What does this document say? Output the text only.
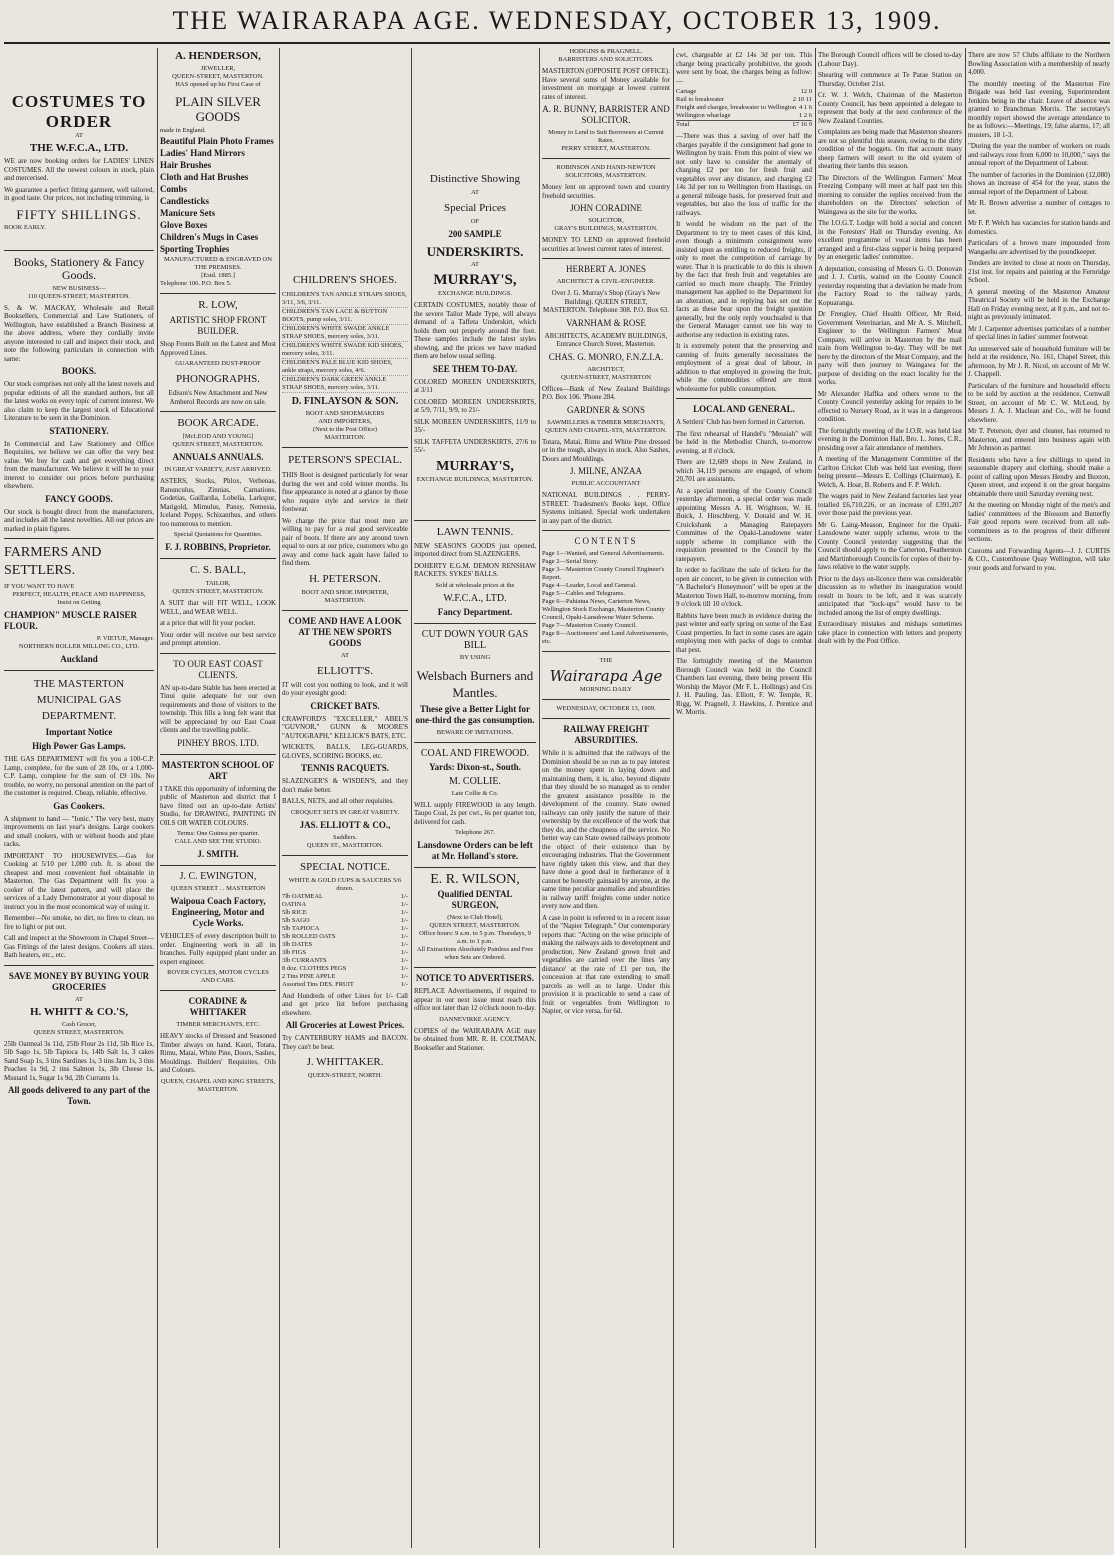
THE WAIRARAPA AGE. WEDNESDAY, OCTOBER 13, 1909.
COSTUMES TO ORDER
AT
THE W.F.C.A., LTD.

WE are now booking orders for LADIES' LINEN COSTUMES. All the newest colours in stock, plain and mercerised.

We guarantee a perfect fitting garment, well tailored, in good taste. Our prices, not including trimming, is

FIFTY SHILLINGS.
BOOK EARLY.
Books, Stationery & Fancy Goods.
NEW BUSINESS—
110 QUEEN-STREET, MASTERTON.

S. & W. MACKAY, Wholesale and Retail Booksellers, Commercial and Law Stationers, of Wellington, have established a Branch Business at the above address, where they cordially invite anyone interested to call and inspect their stock, and note the following particulars in connection with same:

BOOKS.

Our stock comprises not only all the latest novels and popular editions of all the standard authors, but all the latest works on every topic of current interest. We also claim to keep the largest stock of Educational Literature to be seen in the Dominion.

STATIONERY.

In Commercial and Law Stationery and Office Requisites, we believe we can offer the very best value. We buy for cash and get everything direct from the manufacturer. We believe it will be to your interest to consider our prices before purchasing elsewhere.

FANCY GOODS.

Our stock is bought direct from the manufacturers, and includes all the latest novelties. All our prices are marked in plain figures.

FARMERS AND SETTLERS.
IF YOU WANT TO HAVE
PERFECT, HEALTH, PEACE AND HAPPINESS,
Insist on Getting
CHAMPION" MUSCLE RAISER FLOUR.
P. VIETUE, Manager.
NORTHERN ROLLER MILLING CO., LTD.
Auckland
THE MASTERTON MUNICIPAL GAS DEPARTMENT.
Important Notice
High Power Gas Lamps.

THE GAS DEPARTMENT will fix you a 100-C.P. Lamp, complete, for the sum of 28 10s, or a 1,000-C.P. Lamp, complete for the sum of £9 10s. No trouble, no worry, no personal attention on the part of the customer is required. Cheap, reliable, effective.

Gas Cookers.

A shipment to hand — "Ionic." The very best, many improvements on last year's designs. Large cookers and small cookers, with or without hoods and plate racks.

IMPORTANT TO HOUSEWIVES.—Gas for Cooking at 5/10 per 1,000 cub. ft. is about the cheapest and most convenient fuel obtainable in Masterton. The Gas Department will fix you a cooker of the latest pattern, and will place the services of a Lady Demonstrator at your disposal to instruct you in the most economical way of using it.

Remember—No smoke, no dirt, no fires to clean, no fire to light or put out.

Call and inspect at the Showroom in Chapel Street—Gas Fittings of the latest designs. Cookers all sizes. Bath heaters, etc., etc.

SAVE MONEY BY BUYING YOUR GROCERIES
AT
H. WHITT & CO.'S,
Cash Grocer,
QUEEN STREET, MASTERTON.

25lb Oatmeal 3s 11d, 25lb Flour 2s 11d, 5lb Rice 1s, 5lb Sago 1s, 5lb Tapioca 1s, 14lb Salt 1s, 3 cakes Sand Soap 1s, 3 tins Sardines 1s, 3 tins Jam 1s, 3 tins Peaches 1s 9d, 2 tins Salmon 1s, 3lb Cheese 1s, Mustard 1s, Sugar 1s 9d, 2lb Currants 1s.

All goods delivered to any part of the Town.
A. HENDERSON,
JEWELLER,
QUEEN-STREET, MASTERTON.
HAS opened up his First Case of
PLAIN SILVER GOODS
made in England.
Beautiful Plain Photo Frames
Ladies' Hand Mirrors
Hair Brushes
Cloth and Hat Brushes
Combs
Candlesticks
Manicure Sets
Glove Boxes
Children's Mugs in Cases
Sporting Trophies
MANUFACTURED & ENGRAVED ON THE PREMISES.
[Estd. 1885.]
Telephone 106. P.O. Box 5.
R. LOW,
ARTISTIC SHOP FRONT BUILDER.

Shop Fronts Built on the Latest and Most Approved Lines.

GUARANTEED DUST-PROOF
PHONOGRAPHS.

Edison's New Attachment and New Amberol Records are now on sale.

BOOK ARCADE.
[McLEOD AND YOUNG]
QUEEN STREET, MASTERTON.
ANNUALS ANNUALS.
IN GREAT VARIETY, JUST ARRIVED.

ASTERS, Stocks, Phlox, Verbenas, Ranunculus, Zinnias, Carnations, Godetias, Gaillardia, Lobelia, Larkspur, Marigold, Mimulus, Pansy, Nemesia, Iceland Poppy, Schizanthus, and others too numerous to mention.

Special Quotations for Quantities.
F. J. ROBBINS, Proprietor.
C. S. BALL,
TAILOR,
QUEEN STREET, MASTERTON.

A SUIT that will FIT WELL, LOOK WELL, and WEAR WELL.

at a price that will fit your pocket.

Your order will receive our best service and prompt attention.

TO OUR EAST COAST CLIENTS.

AN up-to-date Stable has been erected at Tinui quite adequate for our own requirements and those of visitors to the township. This fills a long felt want that will be appreciated by our East Coast clients and the travelling public.

PINHEY BROS. LTD.
MASTERTON SCHOOL OF ART

I TAKE this opportunity of informing the public of Masterton and district that I have fitted out an up-to-date Artists' Studio, for DRAWING, PAINTING IN OILS OR WATER COLOURS.

Terms: One Guinea per quarter.
CALL AND SEE THE STUDIO.
J. SMITH.
J. C. EWINGTON,
QUEEN STREET . . MASTERTON
Waipoua Coach Factory, Engineering, Motor and Cycle Works.

VEHICLES of every description built to order. Engineering work in all its branches. Fully equipped plant under an expert engineer.

ROVER CYCLES, MOTOR CYCLES AND CARS.
CORADINE & WHITTAKER
TIMBER MERCHANTS, ETC.

HEAVY stocks of Dressed and Seasoned Timber always on hand. Kauri, Totara, Rimu, Matai, White Pine, Doors, Sashes, Mouldings. Builders' Requisites, Oils and Colours.

QUEEN, CHAPEL AND KING STREETS, MASTERTON.
CHILDREN'S SHOES.
CHILDREN'S TAN ANKLE STRAPS SHOES, 3/11, 3/6, 3/11.
CHILDREN'S TAN LACE & BUTTON BOOTS, pump soles, 3/11.
CHILDREN'S WHITE SWADE ANKLE STRAP SHOES, mercery soles, 3/11.
CHILDREN'S WHITE SWADE KID SHOES, mercery soles, 3/11.
CHILDREN'S PALE BLUE KID SHOES, ankle straps, mercery soles, 4/6.
CHILDREN'S DARK GREEN ANKLE STRAP SHOES, mercery soles, 3/11.
D. FINLAYSON & SON.
BOOT AND SHOEMAKERS
AND IMPORTERS,
(Next to the Post Office)
MASTERTON.
PETERSON'S SPECIAL.

THIS Boot is designed particularly for wear during the wet and cold winter months. Its fine appearance is noted at a glance by those who require style and service in their footwear.

We charge the price that most men are willing to pay for a real good serviceable pair of boots. If there are any around town equal to ours at our price, customers who go away and come back again have failed to find them.

H. PETERSON.
BOOT AND SHOE IMPORTER,
MASTERTON.
COME AND HAVE A LOOK AT THE NEW SPORTS GOODS
AT
ELLIOTT'S.

IT will cost you nothing to look, and it will do your eyesight good:

CRICKET BATS.

CRAWFORD'S "EXCELLER," ABEL'S "GUVNOR," GUNN & MOORE'S "AUTOGRAPH," KELLICK'S BATS, ETC.

WICKETS, BALLS, LEG-GUARDS, GLOVES, SCORING BOOKS, etc.

TENNIS RACQUETS.

SLAZENGER'S & WISDEN'S, and they don't make better.

BALLS, NETS, and all other requisites.

CROQUET SETS IN GREAT VARIETY.
JAS. ELLIOTT & CO.,
Saddlers.
QUEEN ST., MASTERTON.
SPECIAL NOTICE.
WHITE & GOLD CUPS & SAUCERS 5/6 dozen.
7lb OATMEAL	1/-
OATINA	1/-
5lb RICE	1/-
5lb SAGO	1/-
5lb TAPIOCA	1/-
5lb ROLLED OATS	1/-
3lb DATES	1/-
3lb FIGS	1/-
3lb CURRANTS	1/-
8 doz. CLOTHES PEGS	1/-
2 Tins PINE APPLE	1/-
Assorted Tins DES. FRUIT	1/-

And Hundreds of other Lines for 1/- Call and get price list before purchasing elsewhere.

All Groceries at Lowest Prices.

Try CANTERBURY HAMS and BACON. They can't be beat.

J. WHITTAKER.
QUEEN-STREET, NORTH.
Distinctive Showing
AT
Special Prices
OF
200 SAMPLE
UNDERSKIRTS.
AT
MURRAY'S,
EXCHANGE BUILDINGS.

CERTAIN COSTUMES, notably those of the severe Tailor Made Type, will always demand of a Taffeta Underskirt, which holds them out properly around the foot. These samples include the latest styles showing, and the prices we have marked them are below usual selling.

SEE THEM TO-DAY.

COLORED MOREEN UNDERSKIRTS, at 3/11

COLORED MOREEN UNDERSKIRTS, at 5/9, 7/11, 9/9, to 21/-

SILK MOREEN UNDERSKIRTS, 11/9 to 35/-

SILK TAFFETA UNDERSKIRTS, 27/6 to 55/-

MURRAY'S,
EXCHANGE BUILDINGS, MASTERTON.
LAWN TENNIS.

NEW SEASON'S GOODS just opened, imported direct from SLAZENGERS.

DOHERTY E.G.M. DEMON RENSHAW RACKETS. SYKES' BALLS.

Sold at wholesale prices at the
W.F.C.A., LTD.
Fancy Department.
CUT DOWN YOUR GAS BILL
BY USING
Welsbach Burners and Mantles.
These give a Better Light for one-third the gas consumption.
BEWARE OF IMITATIONS.
COAL AND FIREWOOD.
Yards: Dixon-st., South.
M. COLLIE.
Late Collie & Co.

WILL supply FIREWOOD in any length. Taupo Coal, 2s per cwt., 6s per quarter ton, delivered for cash.

Telephone 267.
Lansdowne Orders can be left at Mr. Holland's store.
E. R. WILSON,
Qualified DENTAL SURGEON,
(Next to Club Hotel),
QUEEN STREET, MASTERTON.
Office hours: 9 a.m. to 5 p.m. Thursdays, 9 a.m. to 1 p.m.
All Extractions Absolutely Painless and Free when Sets are Ordered.
NOTICE TO ADVERTISERS.

REPLACE Advertisements, if required to appear in our next issue must reach this office not later than 12 o'clock noon to-day.

DANNEVIRKE AGENCY.

COPIES of the WAIRARAPA AGE may be obtained from MR. R. H. COLTMAN, Bookseller and Stationer.

HODGINS & PRAGNELL.
BARRISTERS AND SOLICITORS.

MASTERTON (OPPOSITE POST OFFICE). Have several sums of Money available for investment on mortgage at lowest current rates of interest.

A. R. BUNNY, BARRISTER AND SOLICITOR.
Money to Lend to Suit Borrowers at Current Rates.
PERRY STREET, MASTERTON.
ROBINSON AND HAND-NEWTON
SOLICITORS, MASTERTON.

Money lent on approved town and country freehold securities.

JOHN CORADINE
SOLICITOR,
GRAY'S BUILDINGS, MASTERTON.

MONEY TO LEND on approved freehold securities at lowest current rates of interest.

HERBERT A. JONES
ARCHITECT & CIVIL-ENGINEER.

Over J. G. Murray's Shop (Gray's New Building). QUEEN STREET, MASTERTON. Telephone 308. P.O. Box 63.

VARNHAM & ROSE

ARCHITECTS, ACADEMY BUILDINGS, Entrance Church Street, Masterton.

CHAS. G. MONRO, F.N.Z.I.A.
ARCHITECT,
QUEEN-STREET, MASTERTON

Offices—Bank of New Zealand Buildings P.O. Box 106. 'Phone 284.

GARDNER & SONS
SAWMILLERS & TIMBER MERCHANTS,
QUEEN AND CHAPEL-STS, MASTERTON.

Totara, Matai, Rimu and White Pine dressed or in the rough, always in stock. Also Sashes, Doors and Mouldings.

J. MILNE, ANZAA
PUBLIC ACCOUNTANT

NATIONAL BUILDINGS . . PERRY-STREET. Tradesmen's Books kept. Office Systems initiated. Special work undertaken in any part of the district.

CONTENTS
Page 1—Wanted, and General Advertisements.
Page 2—Serial Story.
Page 3—Masterton County Council Engineer's Report.
Page 4—Leader, Local and General.
Page 5—Cables and Telegrams.
Page 6—Pahiatua News, Carterton News, Wellington Stock Exchange, Masterton County Council, Opaki-Lansdowne Water Scheme.
Page 7—Masterton County Council.
Page 8—Auctioneers' and Land Advertisements, etc.
THE
Wairarapa Age
MORNING DAILY
WEDNESDAY, OCTOBER 13, 1909.
RAILWAY FREIGHT ABSURDITIES.

While it is admitted that the railways of the Dominion should be so run as to pay interest on the money spent in laying down and maintaining them, it is, also, beyond dispute that they should be so managed as to render the greatest assistance possible in the development of the country. State owned railways can only justify the nature of their ownership by the excellence of the work that they do, and the cheapness of the service. No better way can State owned railways promote the object of their existence than by encouraging industries. That the Government have rightly taken this view, and that they have done a good deal in furtherance of it cannot be honestly gainsaid by anyone, at the same time peculiar anomalies and absurdities in railway tariff freights come under notice every now and then.

A case in point is referred to in a recent issue of the "Napier Telegraph." Our contemporary reports that: "Acting on the wise principle of making the railways aids to development and production, New Zealand grown fruit and vegetables are carried over the lines 'any distance' at the rate of £1 per ton, the concession at that rate extending to small parcels as well as to large. Under this provision it is practicable to send a case of fruit or vegetables from Wellington to Napier, or vice versa, for 6d.

cwt, chargeable at £2 14s 3d per ton. This charge being practically prohibitive, the goods were sent by boat, the charges being as follow:—

Cartage	12 0
Rail to breakwater	2 10 11
Freight and charges, breakwater to Wellington 4 1 6
Wellington wharfage	1 2 6
Total	£7 16 9

—There was thus a saving of over half the charges payable if the consignment had gone to Wellington by train. From this point of view we not only have to consider the anomaly of charging £2 per ton for fresh fruit and vegetables over any distance, and charging £2 14s 3d per ton to Wellington from Hastings, on a general mileage basis, for preserved fruit and vegetables, but also the loss of traffic for the railways.

It would be wisdom on the part of the Department to try to meet cases of this kind, even though a minimum consignment were insisted upon as entitling to reduced freights, if only to meet the competition of carriage by water. That it is practicable to do this is shown by the fact that fresh fruit and vegetables are carried so much more cheaply. The Frimley management has applied to the Department for an alteration, and in replying has set out the facts as these bear upon the freight question generally, but the only reply vouchsafed is that the General Manager cannot see his way to authorise any reduction in existing rates.

It is extremely potent that the preserving and canning of fruits generally necessitates the employment of a great deal of labour, in addition to that employed in growing the fruit, while the commodities offered are most wholesome for public consumption.

LOCAL AND GENERAL.

A Settlers' Club has been formed in Carterton.

The first rehearsal of Handel's "Messiah" will be held in the Methodist Church, to-morrow evening, at 8 o'clock.

There are 12,689 shops in New Zealand, in which 34,119 persons are engaged, of whom 20,701 are assistants.

At a special meeting of the County Council yesterday afternoon, a special order was made appointing Messrs A. H. Wrightson, W. H. Buick, J. Hirschberg, V. Donald and W. H. Cruickshank a Managing Ratepayers Committee of the Opaki-Lansdowne water supply scheme in compliance with the requisition presented to the Council by the ratepayers.

In order to facilitate the sale of tickets for the open air concert, to be given in connection with "A Bachelor's Honeymoon" will be open at the Masterton Town Hall, to-morrow morning, from 9 o'clock till 10 o'clock.

Rabbits have been much in evidence during the past winter and early spring on some of the East Coast properties. In fact in some cases are again employing men with packs of dogs to combat that pest.

The fortnightly meeting of the Masterton Borough Council was held in the Council Chambers last evening, there being present His Worship the Mayor (Mr F. L. Hollings) and Crs J. H. Pauling, Jas. Elliott, F. W. Temple, R. Rigg, W. Pragnell, J. Hawkins, J. Prentice and W. Morris.

The Borough Council offices will be closed to-day (Labour Day).

Shearing will commence at Te Parae Station on Thursday, October 21st.

Cr. W. J. Welch, Chairman of the Masterton County Council, has been appointed a delegate to represent that body at the next conference of the New Zealand Counties.

Complaints are being made that Masterton shearers are not so plentiful this season, owing to the dirty condition of the hoggets. On that account many sheep farmers will resort to the old system of shearing their lambs this season.

The Directors of the Wellington Farmers' Meat Freezing Company will meet at half past ten this morning to consider the replies received from the shareholders on the Directors' selection of Waingawa as the site for the works.

The I.O.G.T. Lodge will hold a social and concert in the Foresters' Hall on Thursday evening. An excellent programme of vocal items has been arranged and a first-class supper is being prepared by an energetic ladies' committee.

A deputation, consisting of Messrs G. O. Donovan and J. J. Curtis, waited on the County Council yesterday requesting that a deviation be made from the Factory Road to the railway yards, Kopuaranga.

Dr Frengley, Chief Health Officer, Mr Reid, Government Veterinarian, and Mr A. S. Mitchell, Engineer to the Wellington Farmers' Meat Company, will arrive in Masterton by the mail train from Wellington to-day. They will be met here by the directors of the Meat Company, and the party will then journey to Waingawa for the purpose of deciding on the exact locality for the works.

Mr Alexander Haffka and others wrote to the County Council yesterday asking for repairs to be effected to Nursery Road, as it was in a dangerous condition.

The fortnightly meeting of the I.O.R. was held last evening in the Dominion Hall, Bro. L. Jones, C.R., presiding over a fair attendance of members.

A meeting of the Management Committee of the Carlton Cricket Club was held last evening, there being present—Messrs E. Collings (Chairman), E. Welch, A. Hoar, B. Roberts and F. P. Welch.

The wages paid in New Zealand factories last year totalled £6,710,226, or an increase of £391,207 over those paid the previous year.

Mr G. Laing-Meason, Engineer for the Opaki-Lansdowne water supply scheme, wrote to the County Council yesterday suggesting that the Council should apply to the Carterton, Featherston and Martinborough Councils for copies of their by-laws relative to the water supply.

Prior to the days on-licence there was considerable discussion as to whether its inauguration would result in hours to be left, and it was scarcely anticipated that "lock-ups" would have to be included among the list of empty dwellings.

Extraordinary mistakes and mishaps sometimes take place in connection with letters and property dealt with by the Post Office.

There are now 57 Clubs affiliate to the Northern Bowling Association with a membership of nearly 4,000.

The monthly meeting of the Masterton Fire Brigade was held last evening, Superintendent Jenkins being in the chair. Leave of absence was granted to Branchman Morris. The secretary's monthly report showed the average attendance to be as follows:—Meetings, 19; false alarms, 17; all musters, 18 1-3.

"During the year the number of workers on roads and railways rose from 6,000 to 10,000," says the annual report of the Department of Labour.

The number of factories in the Dominion (12,080) shows an increase of 454 for the year, states the annual report of the Department of Labour.

Mr R. Brown advertise a number of cottages to let.

Mr F. P. Welch has vacancies for station hands and domestics.

Particulars of a brown mare impounded from Wangaehu are advertised by the poundkeeper.

Tenders are invited to close at noon on Thursday, 21st inst. for repairs and painting at the Fernridge School.

A general meeting of the Masterton Amateur Theatrical Society will be held in the Exchange Hall on Friday evening next, at 8 p.m., and not to-night as previously intimated.

Mr J. Carpenter advertises particulars of a number of special lines in ladies' summer footwear.

An unreserved sale of household furniture will be held at the residence, No. 161, Chapel Street, this afternoon, by Mr J. R. Nicol, on account of Mr W. J. Chappell.

Particulars of the furniture and household effects to be sold by auction at the residence, Cornwall Street, on account of Mr C. W. McLeod, by Messrs J. A. J. Maclean and Co., will be found elsewhere.

Mr T. Peterson, dyer and cleaner, has returned to Masterton, and entered into business again with Mr Johnson as partner.

Residents who have a few shillings to spend in seasonable drapery and clothing, should make a point of calling upon Messrs Hendry and Buxton, Queen street, and expend it on the great bargains obtainable there until Saturday evening next.

At the meeting on Monday night of the men's and ladies' committees of the Blossom and Butterfly Fair good reports were received from all sub-committees as to the progress of their different sections.

Customs and Forwarding Agents—J. J. CURTIS & CO., Customhouse Quay Wellington, will take your goods and forward to you.
